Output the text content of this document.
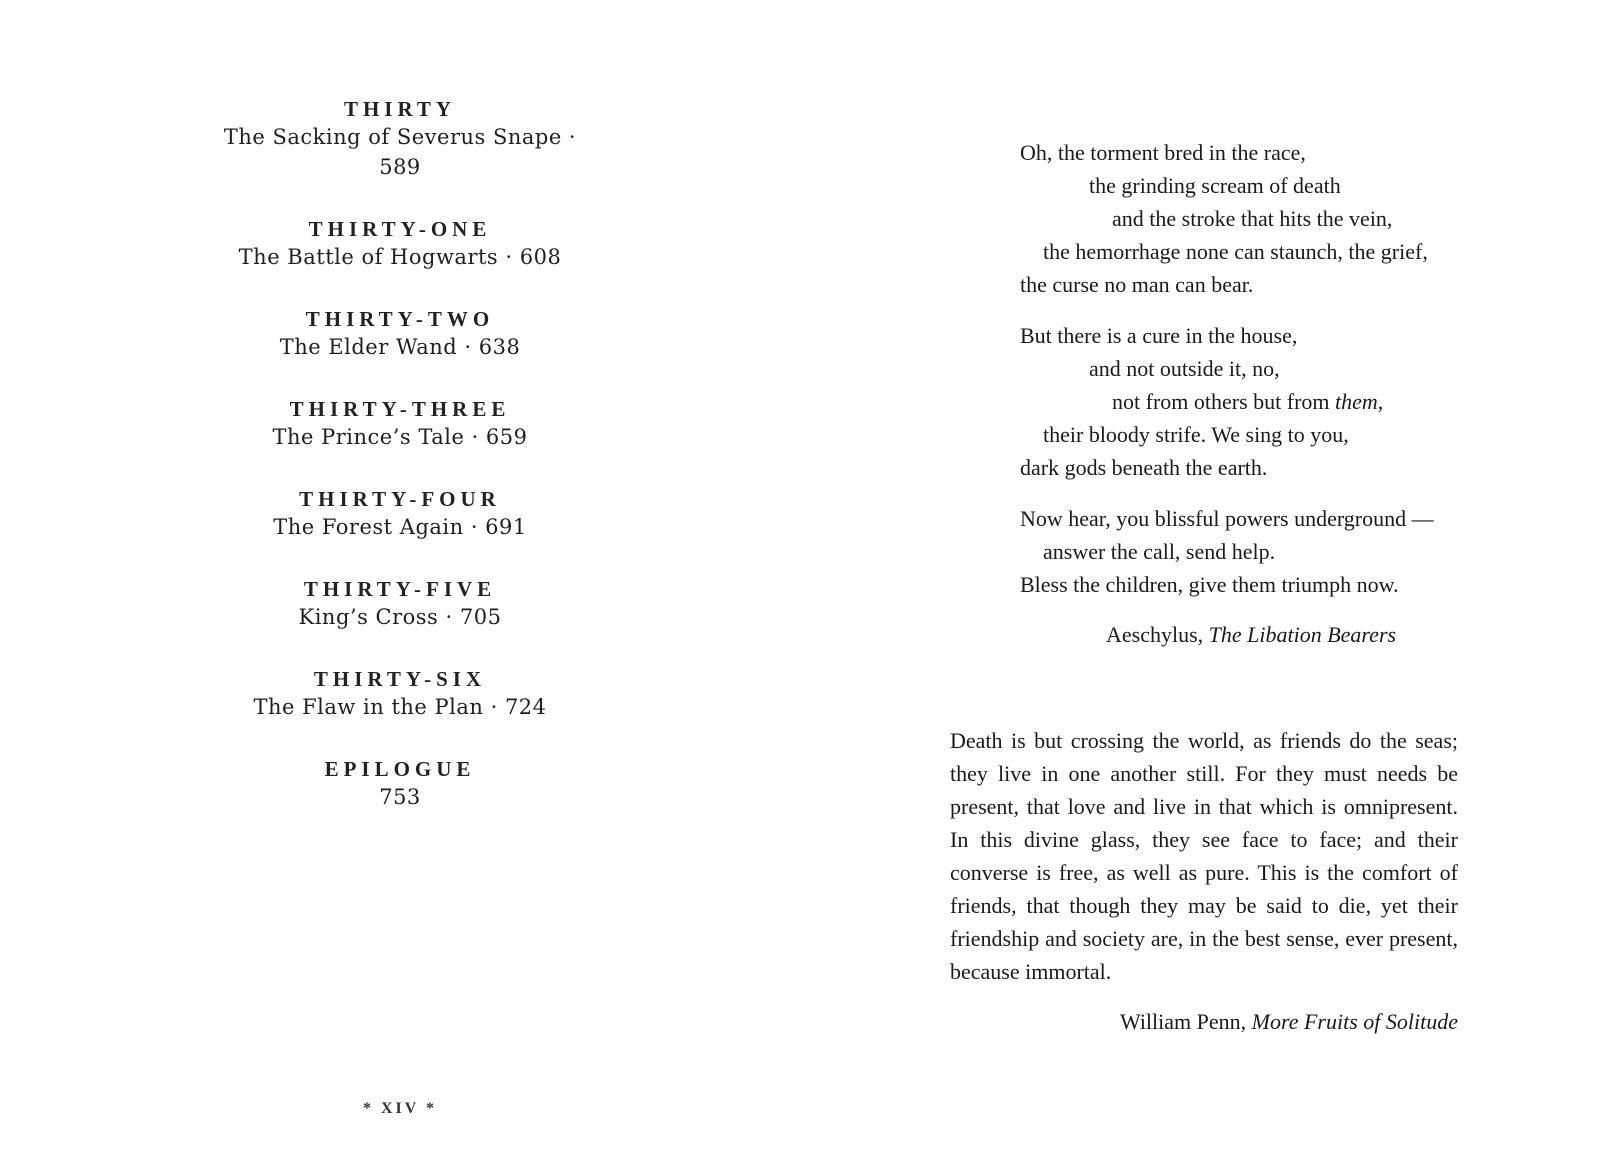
THIRTY
The Sacking of Severus Snape · 589
THIRTY-ONE
The Battle of Hogwarts · 608
THIRTY-TWO
The Elder Wand · 638
THIRTY-THREE
The Prince’s Tale · 659
THIRTY-FOUR
The Forest Again · 691
THIRTY-FIVE
King’s Cross · 705
THIRTY-SIX
The Flaw in the Plan · 724
EPILOGUE
753
* XIV *
Oh, the torment bred in the race,
the grinding scream of death
and the stroke that hits the vein,
the hemorrhage none can staunch, the grief,
the curse no man can bear.
But there is a cure in the house,
and not outside it, no,
not from others but from them,
their bloody strife. We sing to you,
dark gods beneath the earth.
Now hear, you blissful powers underground —
answer the call, send help.
Bless the children, give them triumph now.
Aeschylus, The Libation Bearers

Death is but crossing the world, as friends do the seas; they live in one another still. For they must needs be present, that love and live in that which is omnipresent. In this divine glass, they see face to face; and their converse is free, as well as pure. This is the comfort of friends, that though they may be said to die, yet their friendship and society are, in the best sense, ever present, because immortal.

William Penn, More Fruits of Solitude
